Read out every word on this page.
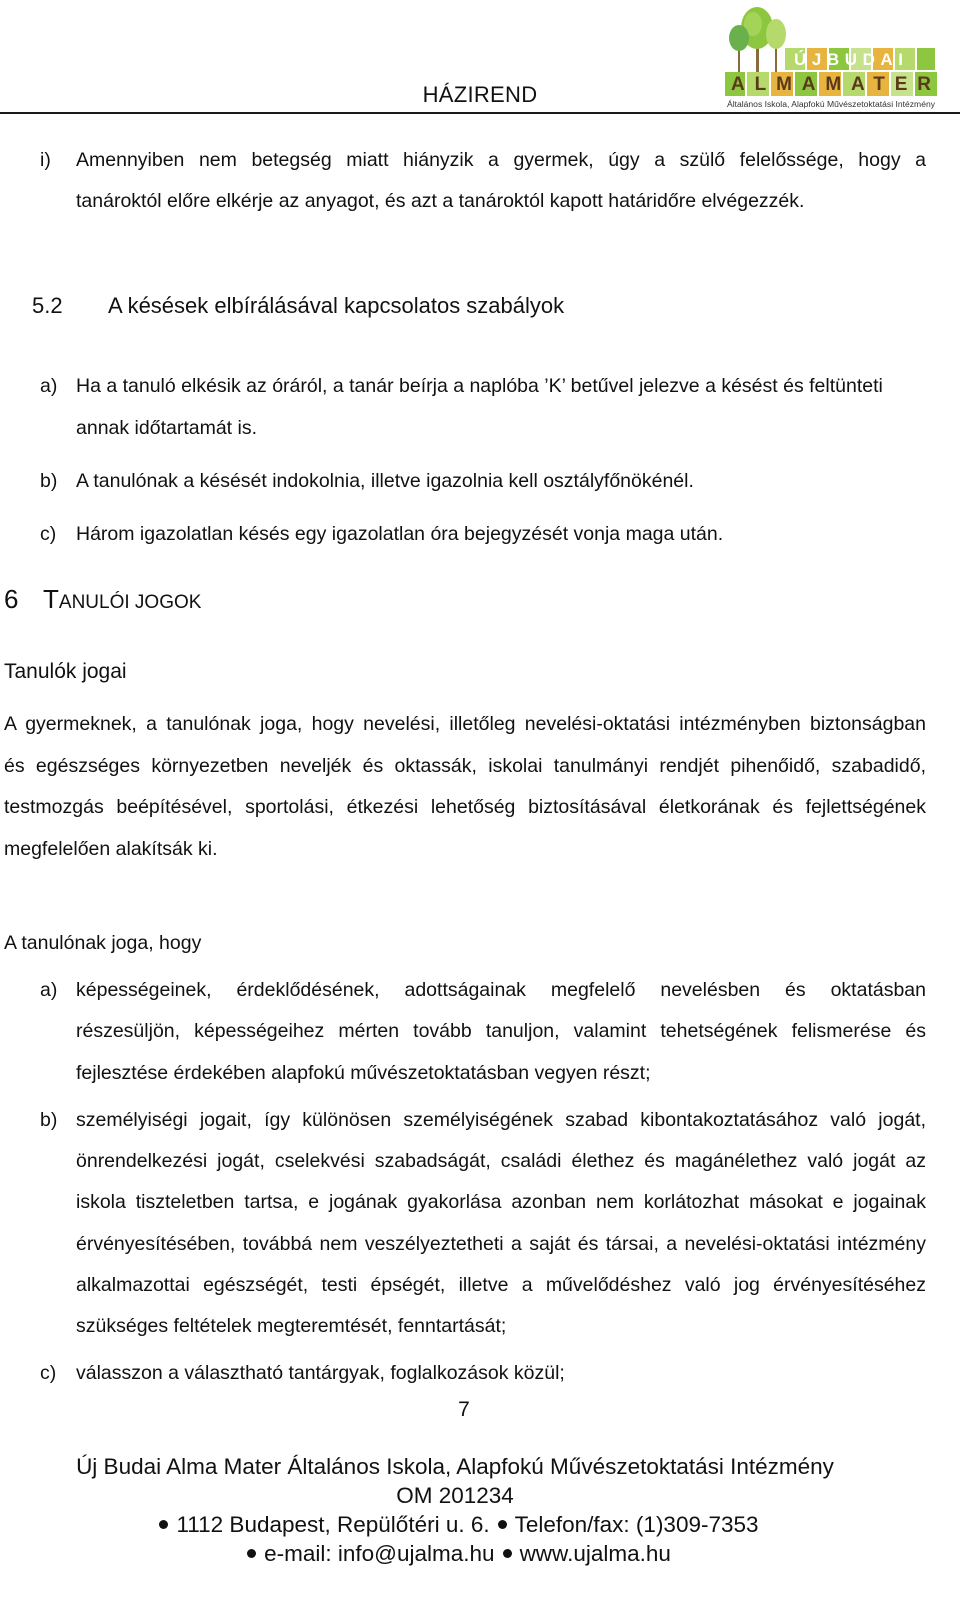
HÁZIREND
ÚJBUDAI
ALMAMATER
Általános Iskola, Alapfokú Művészetoktatási Intézmény
i) Amennyiben nem betegség miatt hiányzik a gyermek, úgy a szülő felelőssége, hogy a
tanároktól előre elkérje az anyagot, és azt a tanároktól kapott határidőre elvégezzék.
5.2 A késések elbírálásával kapcsolatos szabályok
a) Ha a tanuló elkésik az óráról, a tanár beírja a naplóba ’K’ betűvel jelezve a késést és feltünteti
annak időtartamát is.
b) A tanulónak a késését indokolnia, illetve igazolnia kell osztályfőnökénél.
c) Három igazolatlan késés egy igazolatlan óra bejegyzését vonja maga után.
6 TANULÓI JOGOK
Tanulók jogai
A gyermeknek, a tanulónak joga, hogy nevelési, illetőleg nevelési-oktatási intézményben biztonságban
és egészséges környezetben neveljék és oktassák, iskolai tanulmányi rendjét pihenőidő, szabadidő,
testmozgás beépítésével, sportolási, étkezési lehetőség biztosításával életkorának és fejlettségének
megfelelően alakítsák ki.
A tanulónak joga, hogy
a) képességeinek, érdeklődésének, adottságainak megfelelő nevelésben és oktatásban
részesüljön, képességeihez mérten tovább tanuljon, valamint tehetségének felismerése és
fejlesztése érdekében alapfokú művészetoktatásban vegyen részt;
b) személyiségi jogait, így különösen személyiségének szabad kibontakoztatásához való jogát,
önrendelkezési jogát, cselekvési szabadságát, családi élethez és magánélethez való jogát az
iskola tiszteletben tartsa, e jogának gyakorlása azonban nem korlátozhat másokat e jogainak
érvényesítésében, továbbá nem veszélyeztetheti a saját és társai, a nevelési-oktatási intézmény
alkalmazottai egészségét, testi épségét, illetve a művelődéshez való jog érvényesítéséhez
szükséges feltételek megteremtését, fenntartását;
c) válasszon a választható tantárgyak, foglalkozások közül;
7
Új Budai Alma Mater Általános Iskola, Alapfokú Művészetoktatási Intézmény
OM 201234
1112 Budapest, Repülőtéri u. 6. Telefon/fax: (1)309-7353
e-mail: info@ujalma.hu www.ujalma.hu
